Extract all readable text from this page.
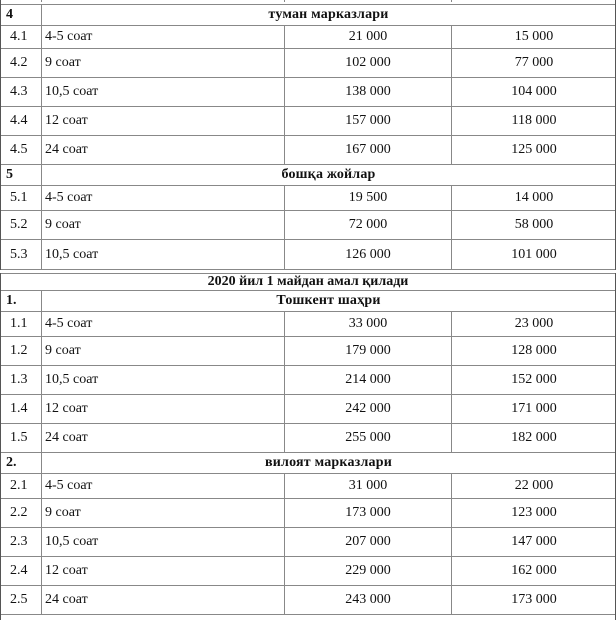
4	туман марказлари
4.1	4-5 соат	21 000	15 000
4.2	9 соат	102 000	77 000
4.3	10,5 соат	138 000	104 000
4.4	12 соат	157 000	118 000
4.5	24 соат	167 000	125 000
5	бошқа жойлар
5.1	4-5 соат	19 500	14 000
5.2	9 соат	72 000	58 000
5.3	10,5 соат	126 000	101 000
2020 йил 1 майдан амал қилади
1.	Тошкент шаҳри
1.1	4-5 соат	33 000	23 000
1.2	9 соат	179 000	128 000
1.3	10,5 соат	214 000	152 000
1.4	12 соат	242 000	171 000
1.5	24 соат	255 000	182 000
2.	вилоят марказлари
2.1	4-5 соат	31 000	22 000
2.2	9 соат	173 000	123 000
2.3	10,5 соат	207 000	147 000
2.4	12 соат	229 000	162 000
2.5	24 соат	243 000	173 000
